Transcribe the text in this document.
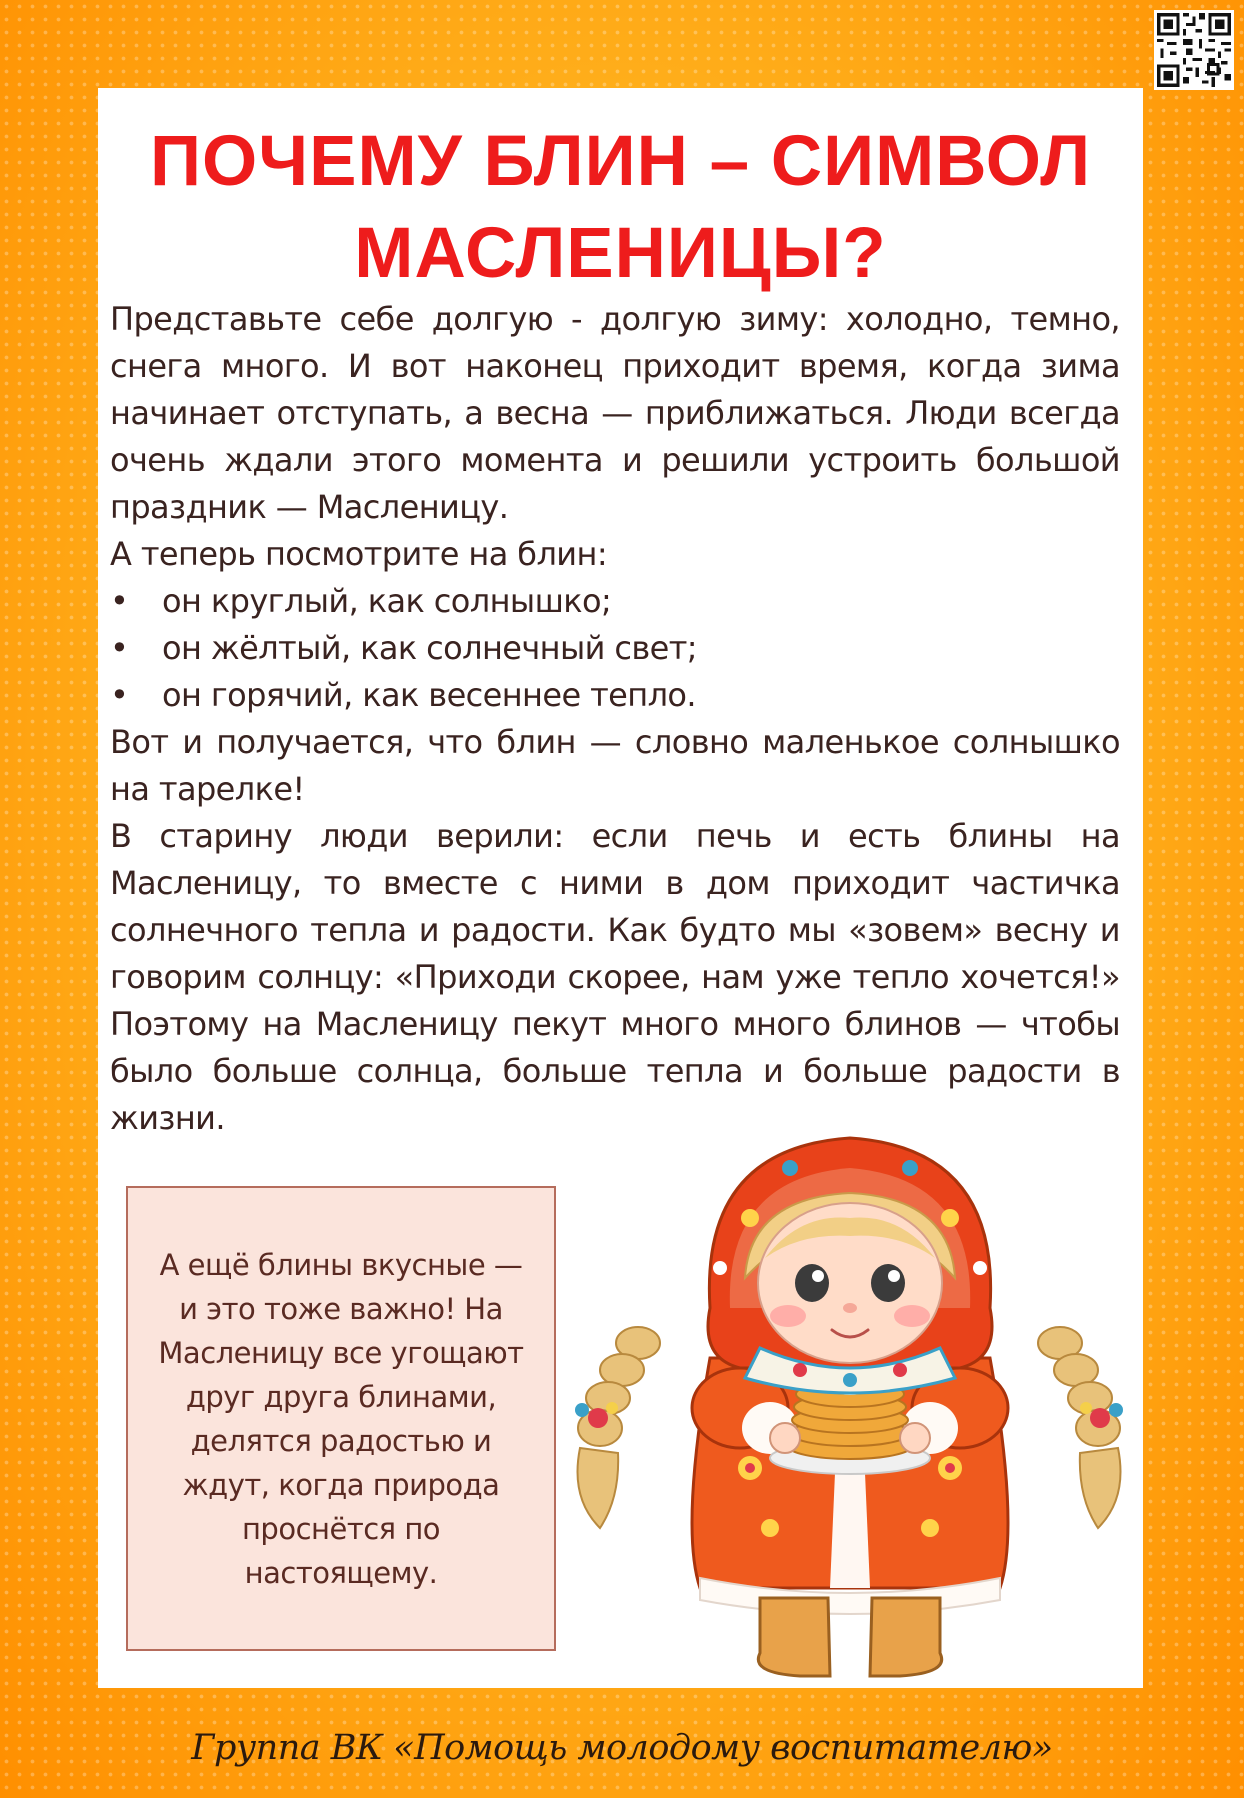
ПОЧЕМУ БЛИН – СИМВОЛ
МАСЛЕНИЦЫ?

Представьте себе долгую - долгую зиму: холодно, темно, снега много. И вот наконец приходит время, когда зима начинает отступать, а весна — приближаться. Люди всегда очень ждали этого момента и решили устроить большой праздник — Масленицу.

А теперь посмотрите на блин:

• он круглый, как солнышко;
• он жёлтый, как солнечный свет;
• он горячий, как весеннее тепло.

Вот и получается, что блин — словно маленькое солнышко на тарелке!

В старину люди верили: если печь и есть блины на Масленицу, то вместе с ними в дом приходит частичка солнечного тепла и радости. Как будто мы «зовем» весну и говорим солнцу: «Приходи скорее, нам уже тепло хочется!» Поэтому на Масленицу пекут много много блинов — чтобы было больше солнца, больше тепла и больше радости в жизни.

А ещё блины вкусные — и это тоже важно! На Масленицу все угощают друг друга блинами, делятся радостью и ждут, когда природа проснётся по настоящему.

Группа ВК «Помощь молодому воспитателю»
